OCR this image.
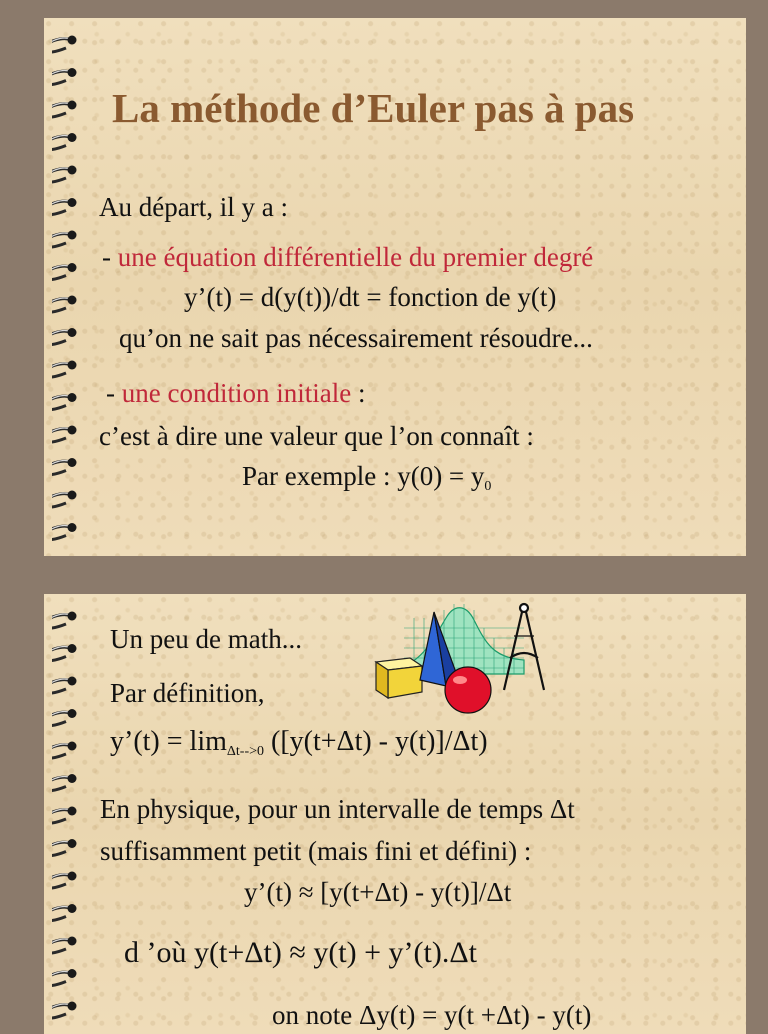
La méthode d’Euler pas à pas
Au départ, il y a :
- une équation différentielle du premier degré
y’(t) = d(y(t))/dt = fonction de y(t)
qu’on ne sait pas nécessairement résoudre...
- une condition initiale :
c’est à dire une valeur que l’on connaît :
Par exemple : y(0) = y0
Un peu de math...
Par définition,
y’(t) = limΔt-->0 ([y(t+Δt) - y(t)]/Δt)
En physique, pour un intervalle de temps Δt
suffisamment petit (mais fini et défini) :
y’(t) ≈ [y(t+Δt) - y(t)]/Δt
d ’où y(t+Δt) ≈ y(t) + y’(t).Δt
on note Δy(t) = y(t +Δt) - y(t)
